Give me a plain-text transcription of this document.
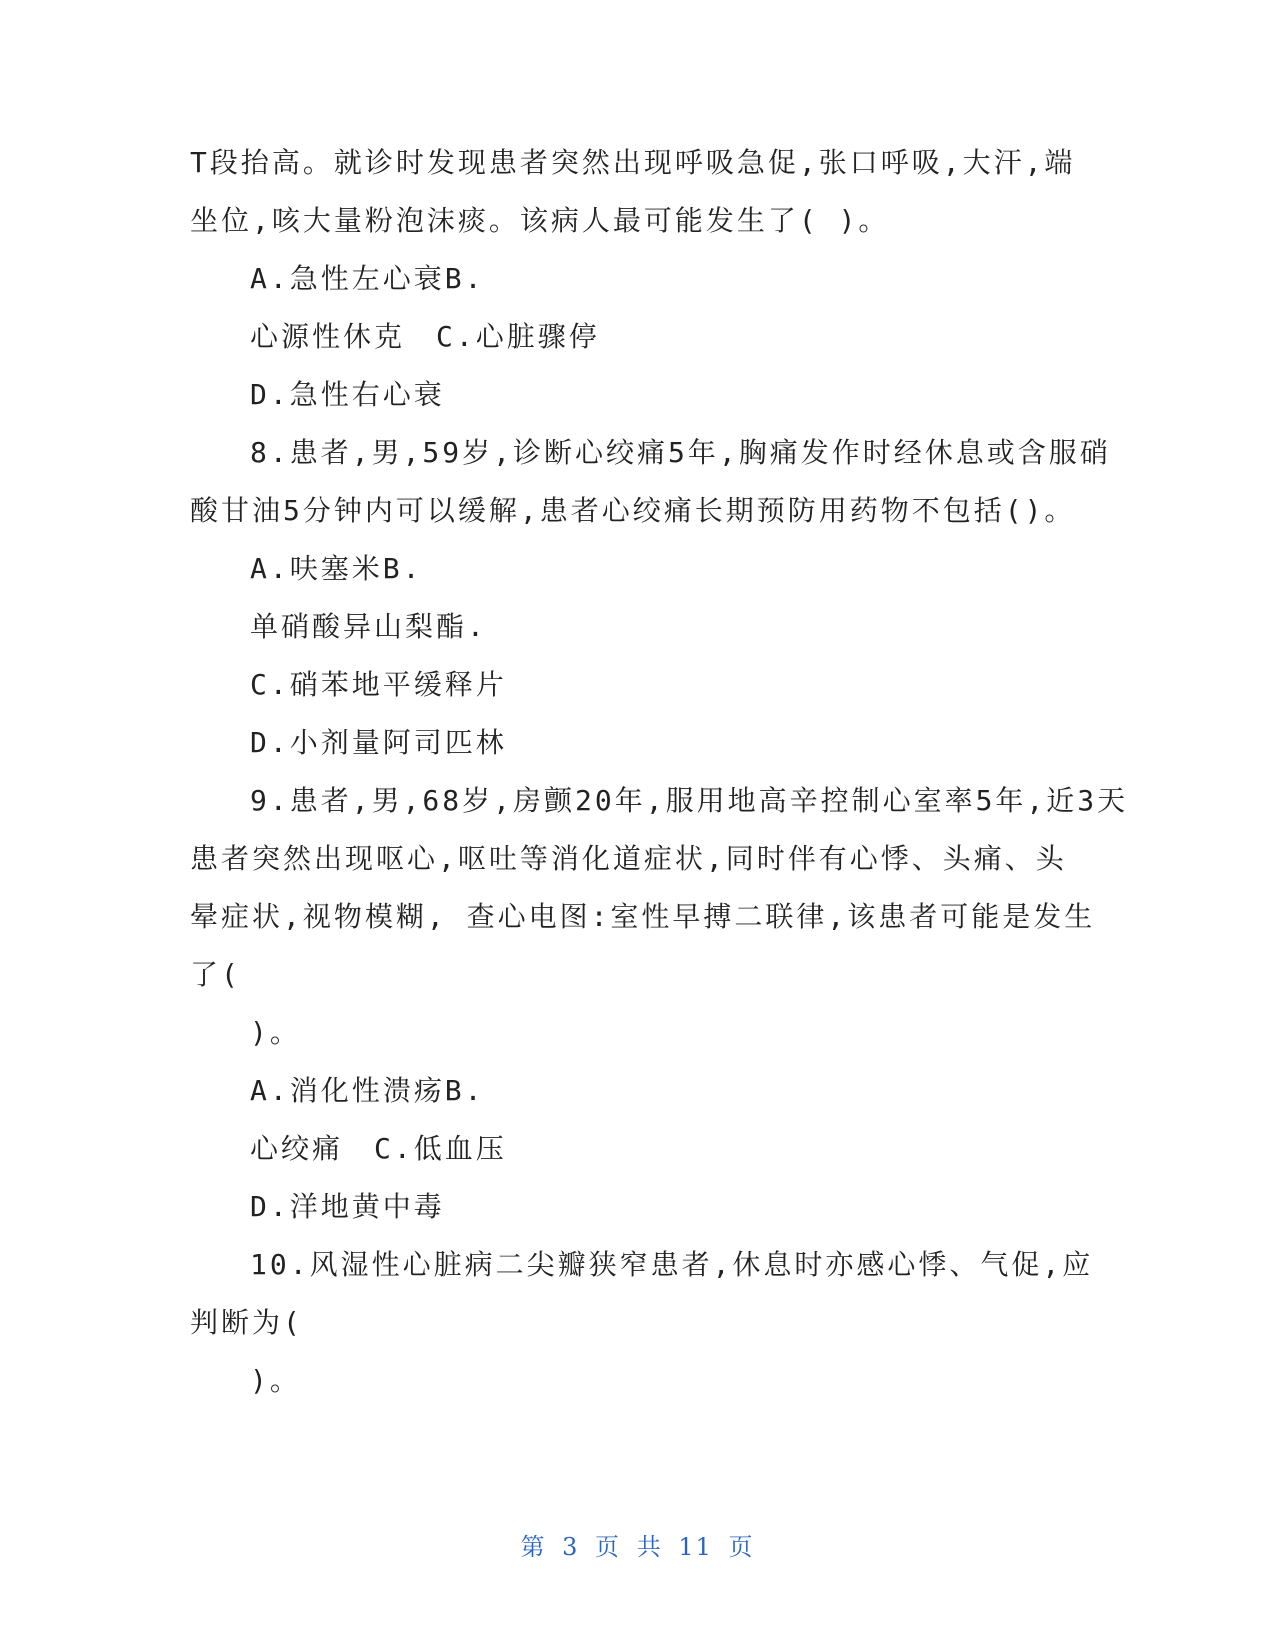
T段抬高。就诊时发现患者突然出现呼吸急促,张口呼吸,大汗,端
坐位,咳大量粉泡沫痰。该病人最可能发生了( )。
A.急性左心衰B.
心源性休克　C.心脏骤停
D.急性右心衰
8.患者,男,59岁,诊断心绞痛5年,胸痛发作时经休息或含服硝
酸甘油5分钟内可以缓解,患者心绞痛长期预防用药物不包括()。
A.呋塞米B.
单硝酸异山梨酯.
C.硝苯地平缓释片
D.小剂量阿司匹林
9.患者,男,68岁,房颤20年,服用地高辛控制心室率5年,近3天
患者突然出现呕心,呕吐等消化道症状,同时伴有心悸、头痛、头
晕症状,视物模糊, 查心电图:室性早搏二联律,该患者可能是发生
了(
)。
A.消化性溃疡B.
心绞痛　C.低血压
D.洋地黄中毒
10.风湿性心脏病二尖瓣狭窄患者,休息时亦感心悸、气促,应
判断为(
)。
第 3 页 共 11 页
